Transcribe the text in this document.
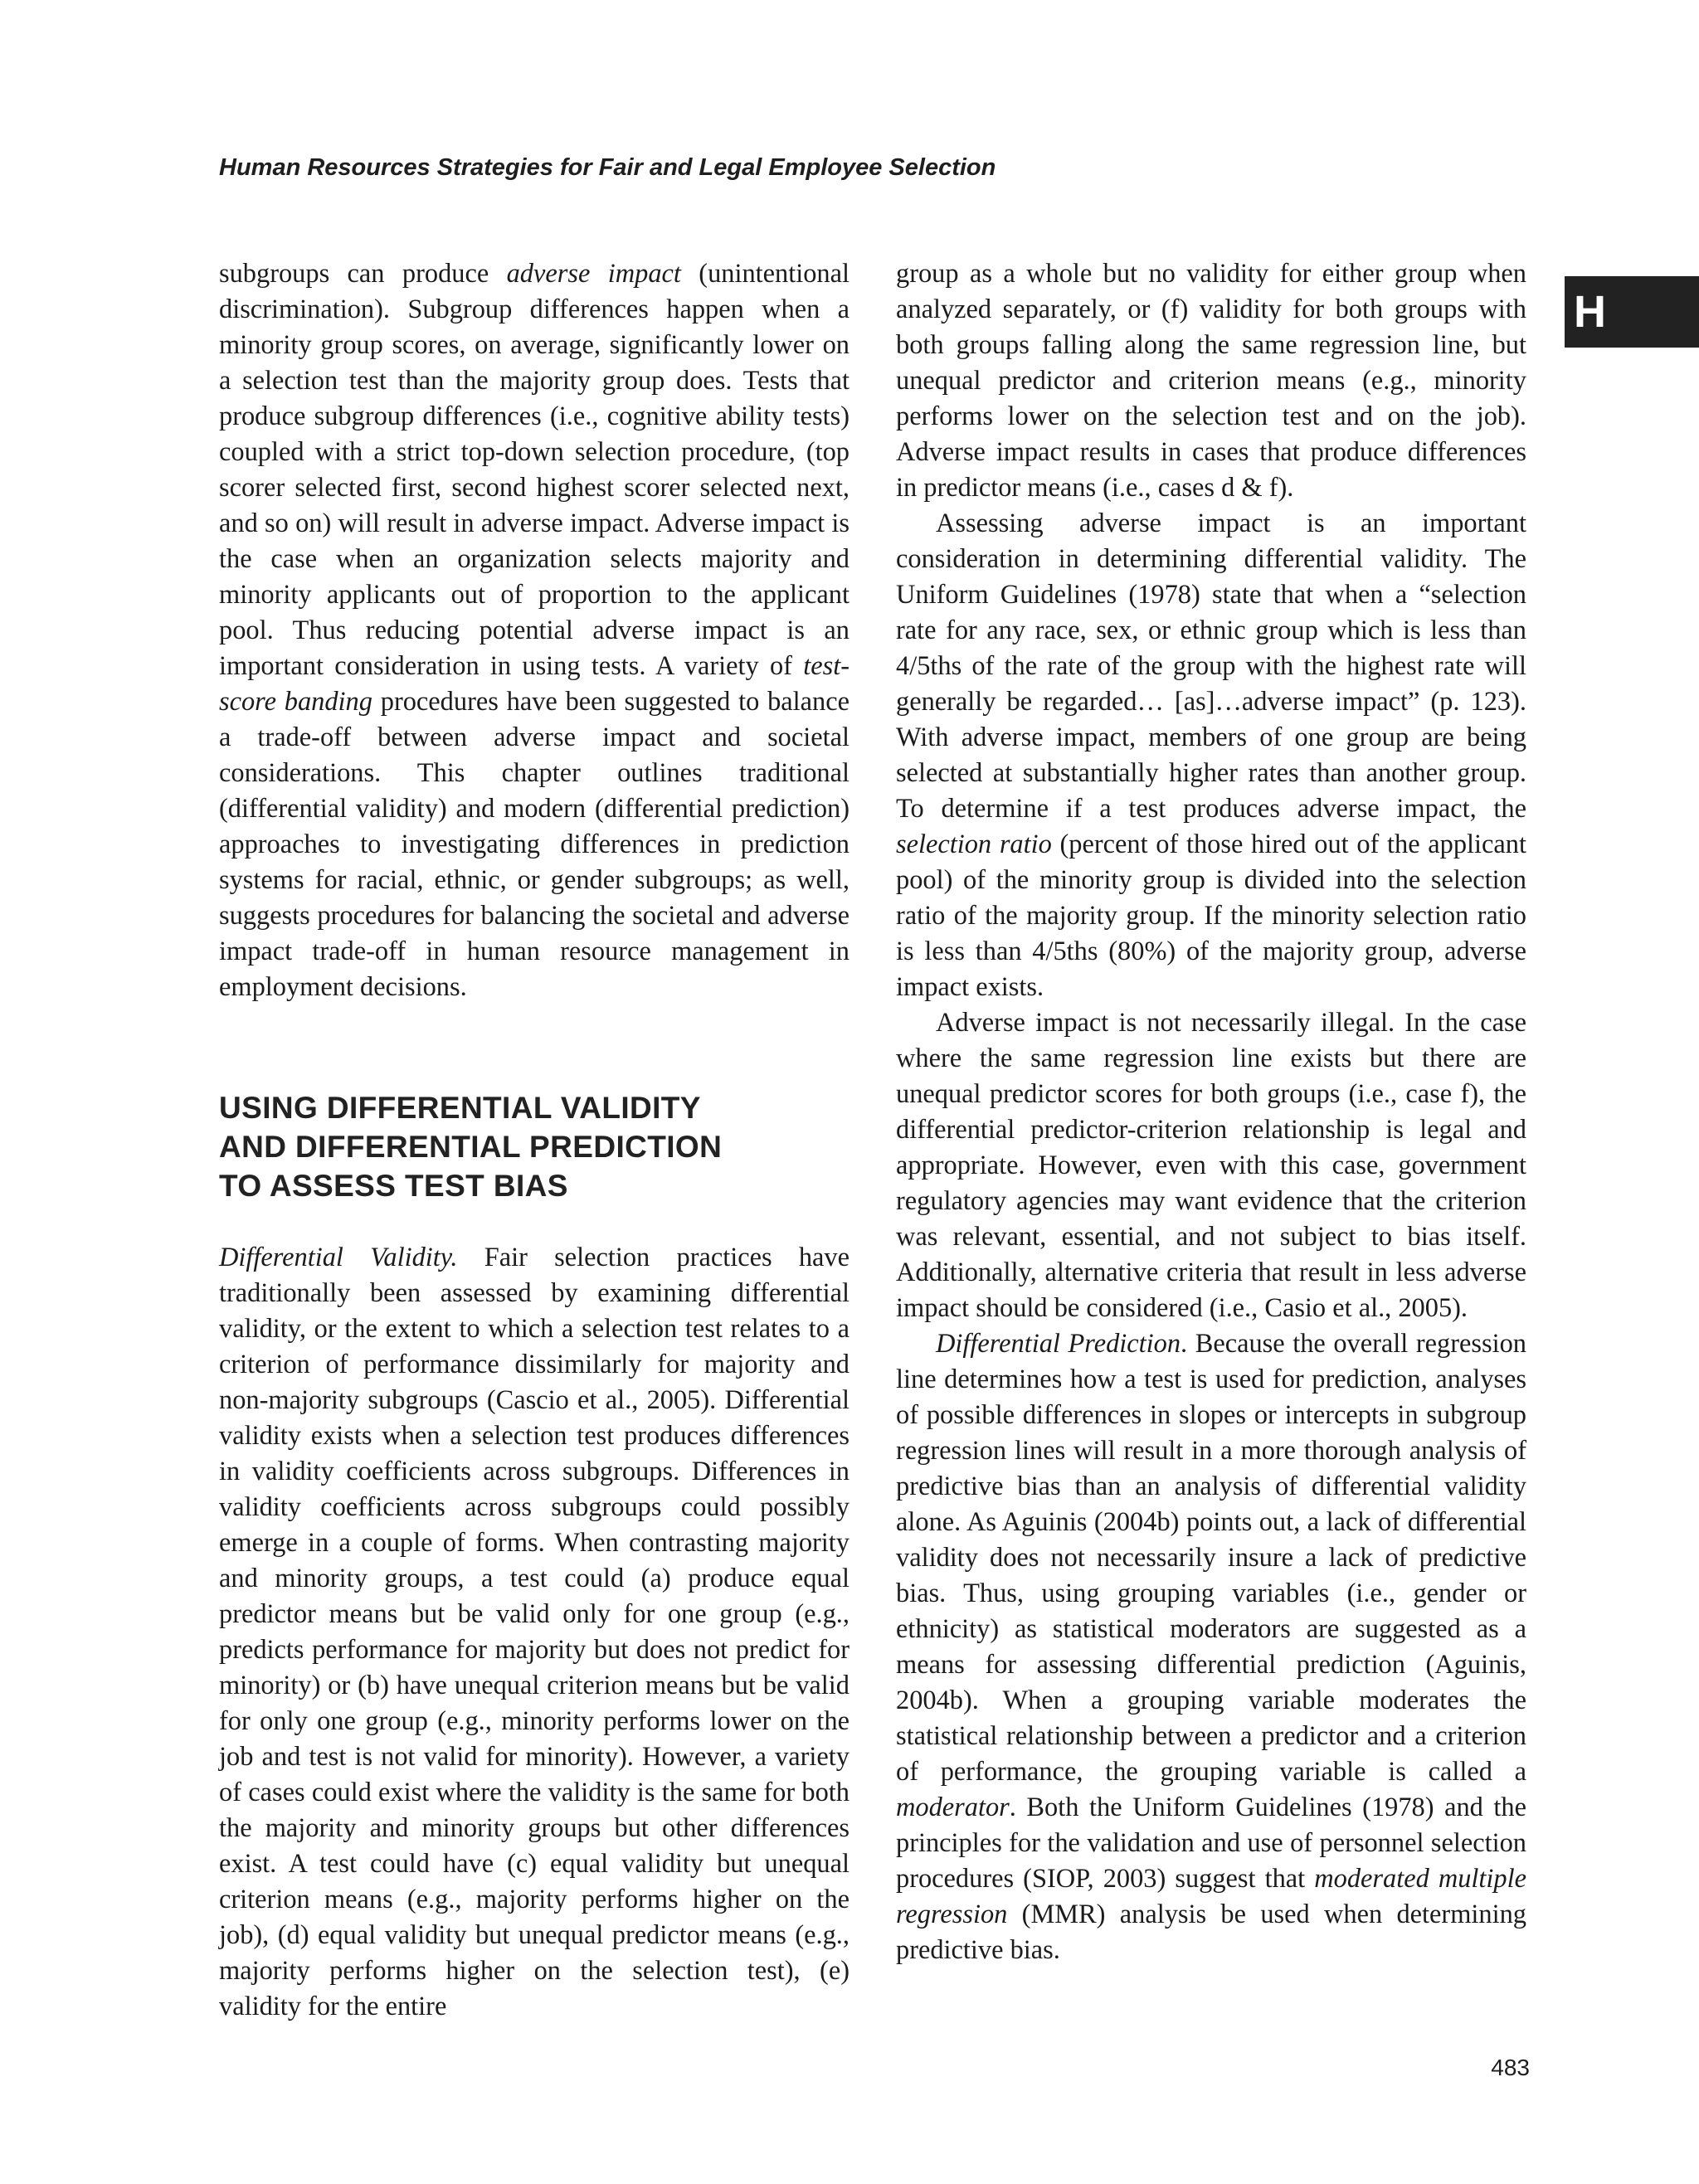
Human Resources Strategies for Fair and Legal Employee Selection
H

subgroups can produce adverse impact (unintentional discrimination). Subgroup differences happen when a minority group scores, on average, significantly lower on a selection test than the majority group does. Tests that produce subgroup differences (i.e., cognitive ability tests) coupled with a strict top-down selection procedure, (top scorer selected first, second highest scorer selected next, and so on) will result in adverse impact. Adverse impact is the case when an organization selects majority and minority applicants out of proportion to the applicant pool. Thus reducing potential adverse impact is an important consideration in using tests. A variety of test-score banding procedures have been suggested to balance a trade-off between adverse impact and societal considerations. This chapter outlines traditional (differential validity) and modern (differential prediction) approaches to investigating differences in prediction systems for racial, ethnic, or gender subgroups; as well, suggests procedures for balancing the societal and adverse impact trade-off in human resource management in employment decisions.

USING DIFFERENTIAL VALIDITY
AND DIFFERENTIAL PREDICTION
TO ASSESS TEST BIAS

Differential Validity. Fair selection practices have traditionally been assessed by examining differential validity, or the extent to which a selection test relates to a criterion of performance dissimilarly for majority and non-majority subgroups (Cascio et al., 2005). Differential validity exists when a selection test produces differences in validity coefficients across subgroups. Differences in validity coefficients across subgroups could possibly emerge in a couple of forms. When contrasting majority and minority groups, a test could (a) produce equal predictor means but be valid only for one group (e.g., predicts performance for majority but does not predict for minority) or (b) have unequal criterion means but be valid for only one group (e.g., minority performs lower on the job and test is not valid for minority). However, a variety of cases could exist where the validity is the same for both the majority and minority groups but other differences exist. A test could have (c) equal validity but unequal criterion means (e.g., majority performs higher on the job), (d) equal validity but unequal predictor means (e.g., majority performs higher on the selection test), (e) validity for the entire

group as a whole but no validity for either group when analyzed separately, or (f) validity for both groups with both groups falling along the same regression line, but unequal predictor and criterion means (e.g., minority performs lower on the selection test and on the job). Adverse impact results in cases that produce differences in predictor means (i.e., cases d & f).

Assessing adverse impact is an important consideration in determining differential validity. The Uniform Guidelines (1978) state that when a “selection rate for any race, sex, or ethnic group which is less than 4/5ths of the rate of the group with the highest rate will generally be regarded… [as]…adverse impact” (p. 123). With adverse impact, members of one group are being selected at substantially higher rates than another group. To determine if a test produces adverse impact, the selection ratio (percent of those hired out of the applicant pool) of the minority group is divided into the selection ratio of the majority group. If the minority selection ratio is less than 4/5ths (80%) of the majority group, adverse impact exists.

Adverse impact is not necessarily illegal. In the case where the same regression line exists but there are unequal predictor scores for both groups (i.e., case f), the differential predictor-criterion relationship is legal and appropriate. However, even with this case, government regulatory agencies may want evidence that the criterion was relevant, essential, and not subject to bias itself. Additionally, alternative criteria that result in less adverse impact should be considered (i.e., Casio et al., 2005).

Differential Prediction. Because the overall regression line determines how a test is used for prediction, analyses of possible differences in slopes or intercepts in subgroup regression lines will result in a more thorough analysis of predictive bias than an analysis of differential validity alone. As Aguinis (2004b) points out, a lack of differential validity does not necessarily insure a lack of predictive bias. Thus, using grouping variables (i.e., gender or ethnicity) as statistical moderators are suggested as a means for assessing differential prediction (Aguinis, 2004b). When a grouping variable moderates the statistical relationship between a predictor and a criterion of performance, the grouping variable is called a moderator. Both the Uniform Guidelines (1978) and the principles for the validation and use of personnel selection procedures (SIOP, 2003) suggest that moderated multiple regression (MMR) analysis be used when determining predictive bias.

483
